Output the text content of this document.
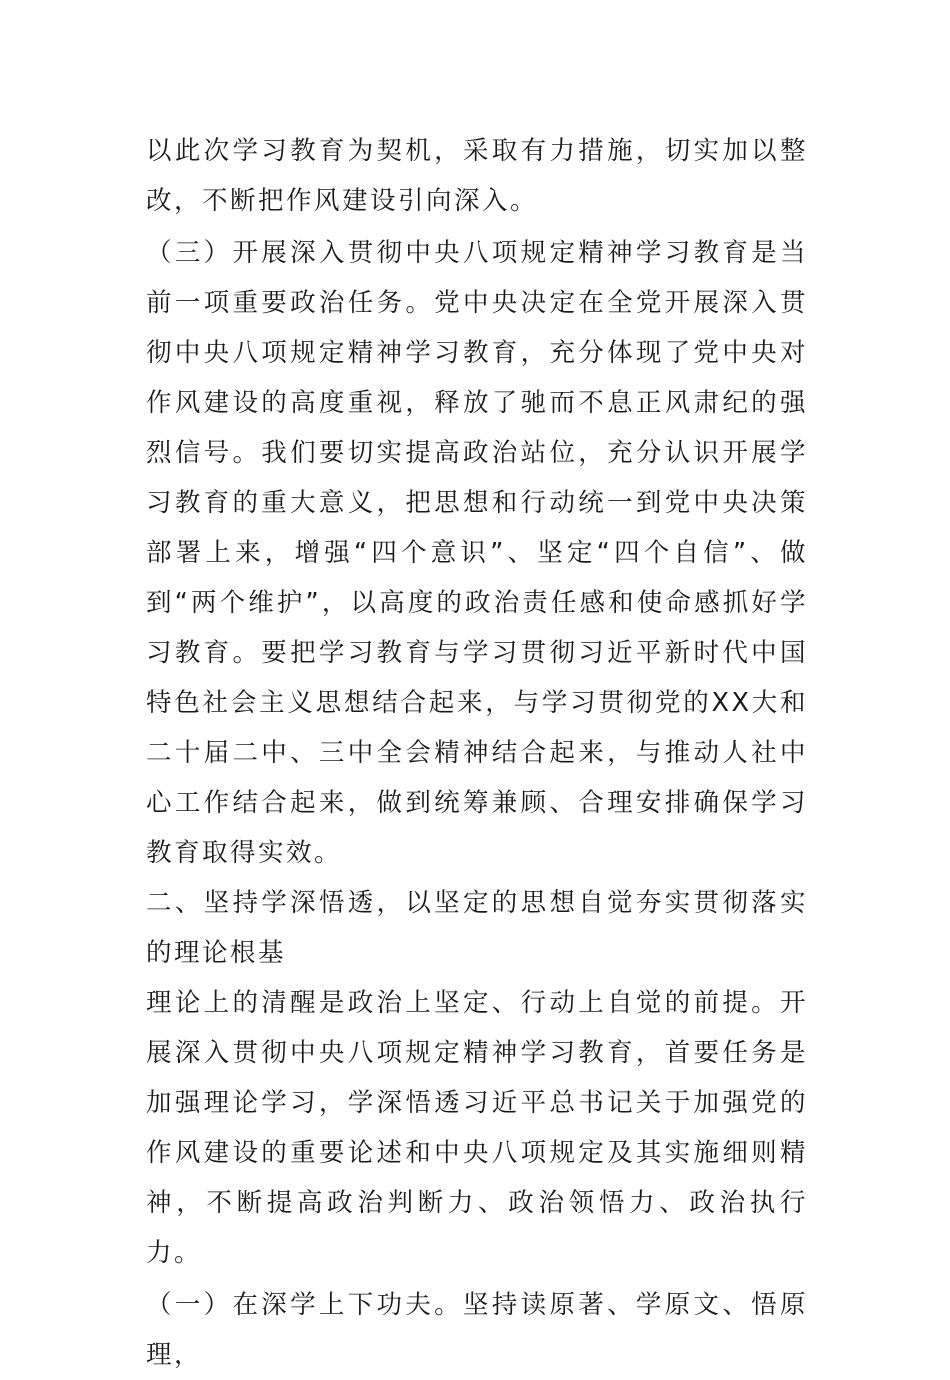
以此次学习教育为契机，采取有力措施，切实加以整改，不断把作风建设引向深入。

（三）开展深入贯彻中央八项规定精神学习教育是当前一项重要政治任务。党中央决定在全党开展深入贯彻中央八项规定精神学习教育，充分体现了党中央对作风建设的高度重视，释放了驰而不息正风肃纪的强烈信号。我们要切实提高政治站位，充分认识开展学习教育的重大意义，把思想和行动统一到党中央决策部署上来，增强“四个意识”、坚定“四个自信”、做到“两个维护”，以高度的政治责任感和使命感抓好学习教育。要把学习教育与学习贯彻习近平新时代中国特色社会主义思想结合起来，与学习贯彻党的XX大和二十届二中、三中全会精神结合起来，与推动人社中心工作结合起来，做到统筹兼顾、合理安排确保学习教育取得实效。

二、坚持学深悟透，以坚定的思想自觉夯实贯彻落实的理论根基

理论上的清醒是政治上坚定、行动上自觉的前提。开展深入贯彻中央八项规定精神学习教育，首要任务是加强理论学习，学深悟透习近平总书记关于加强党的作风建设的重要论述和中央八项规定及其实施细则精神，不断提高政治判断力、政治领悟力、政治执行力。

（一）在深学上下功夫。坚持读原著、学原文、悟原理，
